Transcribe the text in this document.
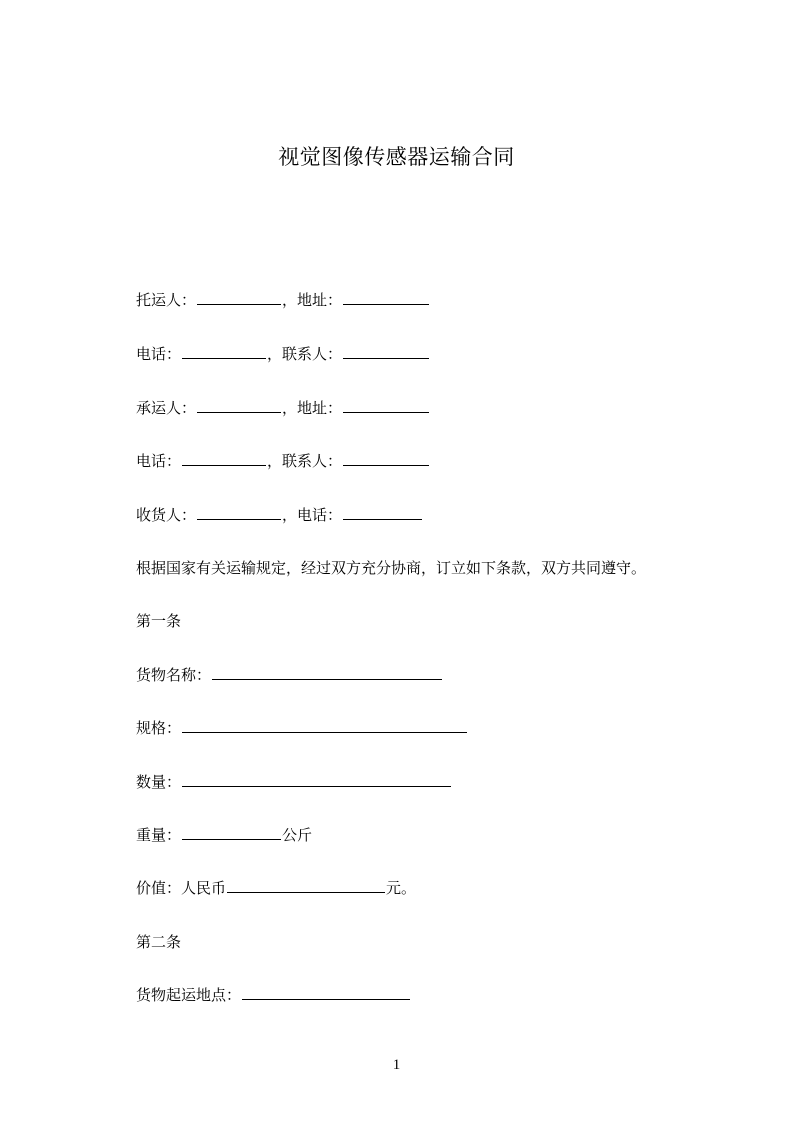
视觉图像传感器运输合同
托运人：	，地址：
电话：	，联系人：
承运人：	，地址：
电话：	，联系人：
收货人：	，电话：
根据国家有关运输规定，经过双方充分协商，订立如下条款，双方共同遵守。
第一条
货物名称：
规格：
数量：
重量：	公斤
价值：人民币	元。
第二条
货物起运地点：
1
